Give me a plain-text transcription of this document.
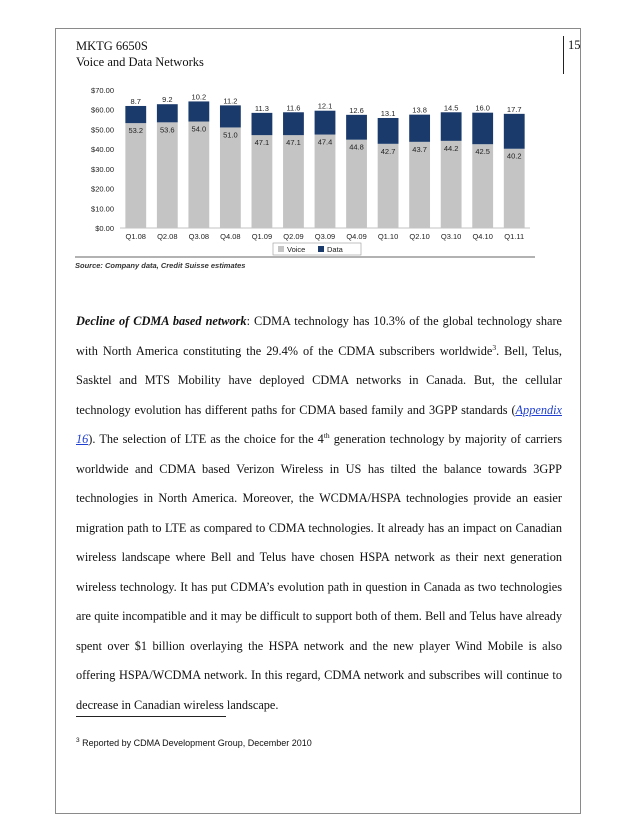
MKTG 6650S
Voice and Data Networks
15
$0.00
$10.00
$20.00
$30.00
$40.00
$50.00
$60.00
$70.00
8.7
53.2
Q1.08
9.2
53.6
Q2.08
10.2
54.0
Q3.08
11.2
51.0
Q4.08
11.3
47.1
Q1.09
11.6
47.1
Q2.09
12.1
47.4
Q3.09
12.6
44.8
Q4.09
13.1
42.7
Q1.10
13.8
43.7
Q2.10
14.5
44.2
Q3.10
16.0
42.5
Q4.10
17.7
40.2
Q1.11
Voice	Data
Source: Company data, Credit Suisse estimates
Decline of CDMA based network: CDMA technology has 10.3% of the global technology share with North America constituting the 29.4% of the CDMA subscribers worldwide$^3$. Bell, Telus, Sasktel and MTS Mobility have deployed CDMA networks in Canada. But, the cellular technology evolution has different paths for CDMA based family and 3GPP standards (Appendix 16). The selection of LTE as the choice for the 4th generation technology by majority of carriers worldwide and CDMA based Verizon Wireless in US has tilted the balance towards 3GPP technologies in North America. Moreover, the WCDMA/HSPA technologies provide an easier migration path to LTE as compared to CDMA technologies. It already has an impact on Canadian wireless landscape where Bell and Telus have chosen HSPA network as their next generation wireless technology. It has put CDMA’s evolution path in question in Canada as two technologies are quite incompatible and it may be difficult to support both of them. Bell and Telus have already spent over $1 billion overlaying the HSPA network and the new player Wind Mobile is also offering HSPA/WCDMA network. In this regard, CDMA network and subscribes will continue to decrease in Canadian wireless landscape.
$^3$ Reported by CDMA Development Group, December 2010
